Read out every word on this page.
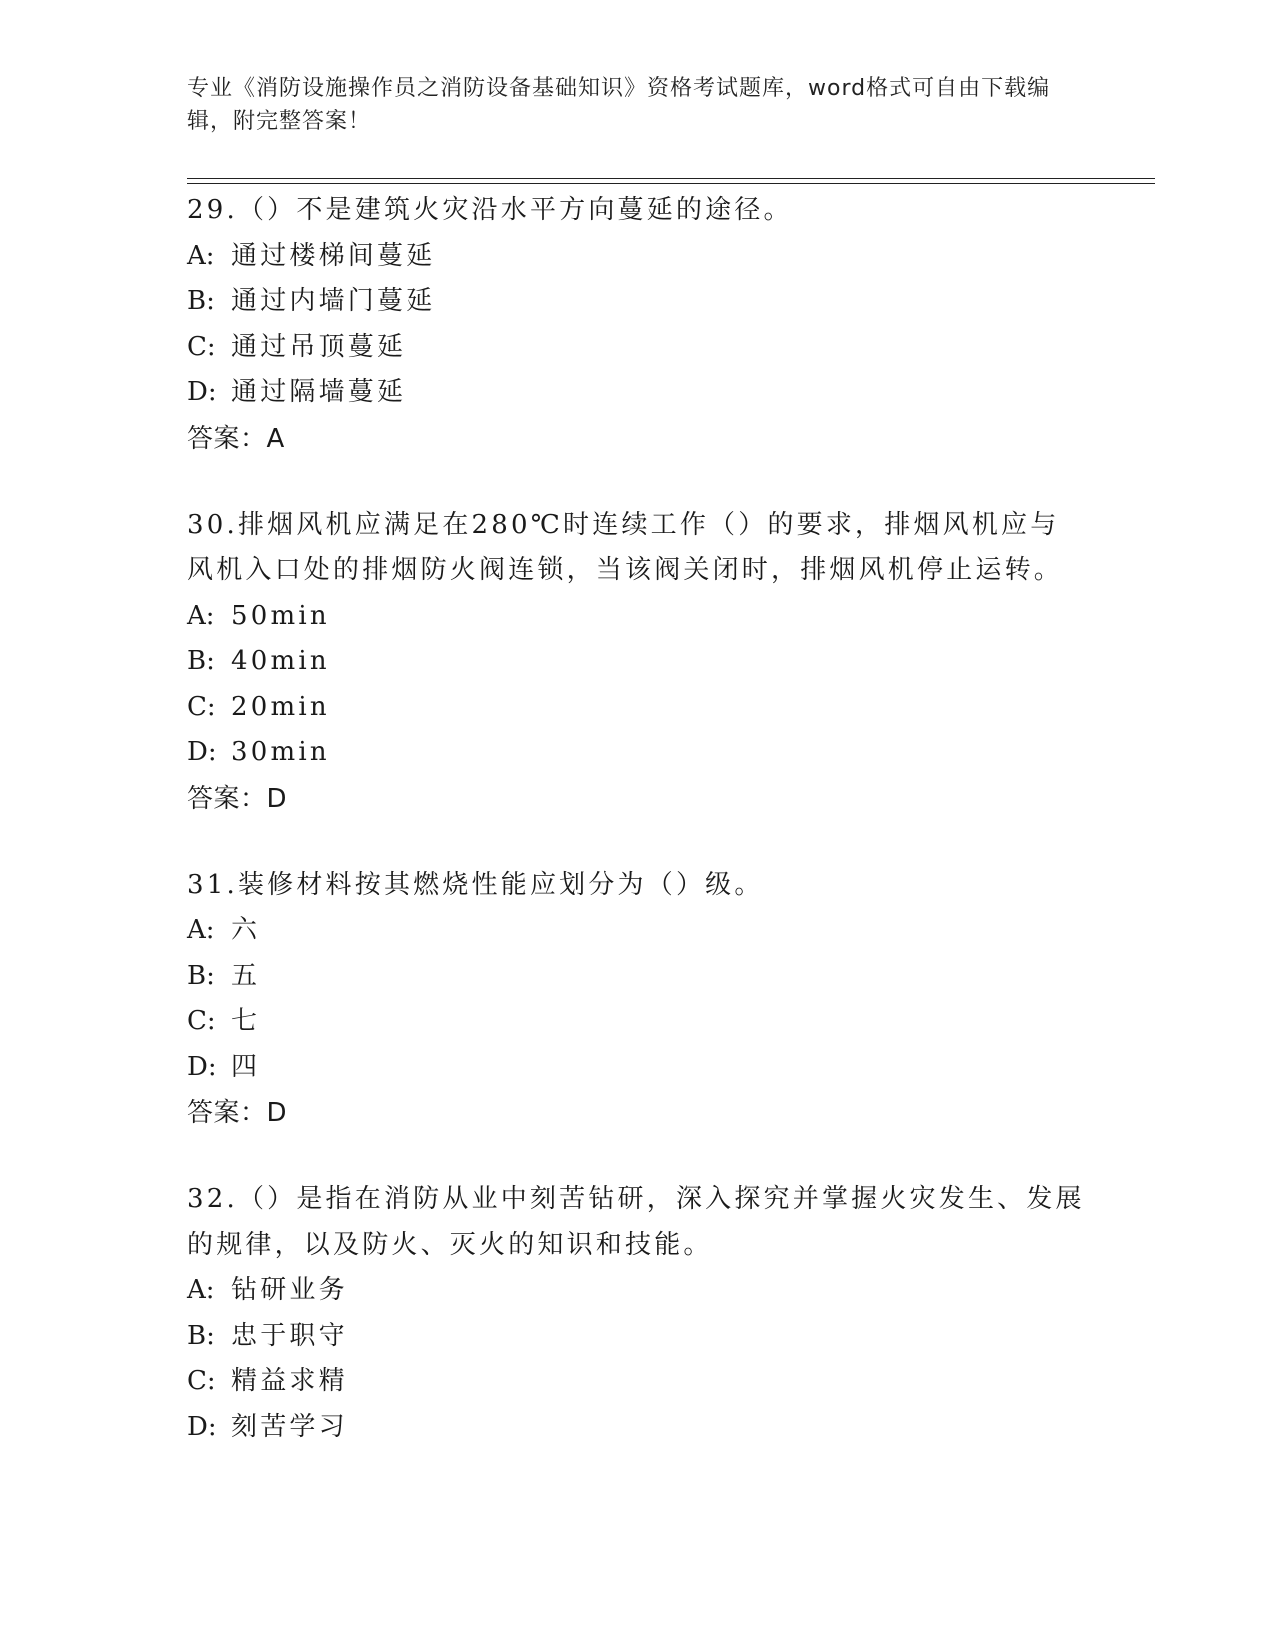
专业《消防设施操作员之消防设备基础知识》资格考试题库，word格式可自由下载编辑，附完整答案！

29.（）不是建筑火灾沿水平方向蔓延的途径。

A: 通过楼梯间蔓延

B: 通过内墙门蔓延

C: 通过吊顶蔓延

D: 通过隔墙蔓延

答案：A

30.排烟风机应满足在280℃时连续工作（）的要求，排烟风机应与风机入口处的排烟防火阀连锁，当该阀关闭时，排烟风机停止运转。

A: 50min

B: 40min

C: 20min

D: 30min

答案：D

31.装修材料按其燃烧性能应划分为（）级。

A: 六

B: 五

C: 七

D: 四

答案：D

32.（）是指在消防从业中刻苦钻研，深入探究并掌握火灾发生、发展的规律，以及防火、灭火的知识和技能。

A: 钻研业务

B: 忠于职守

C: 精益求精

D: 刻苦学习
